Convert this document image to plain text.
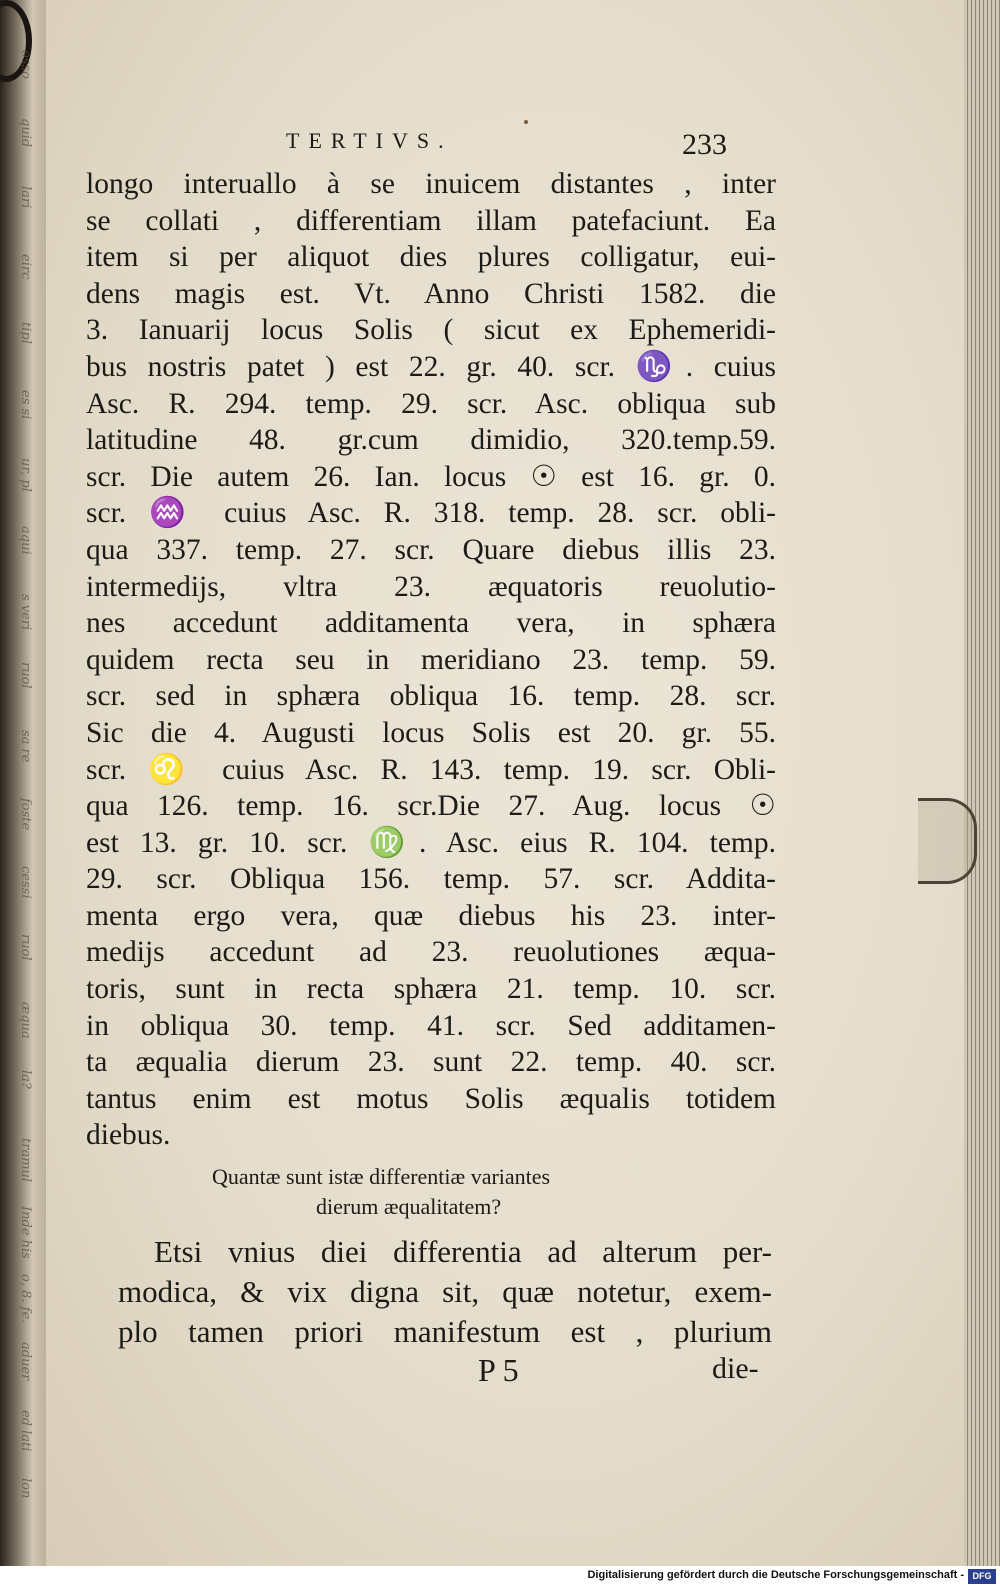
osso
quid
lari
eirc
tipl
es si
ur, pl
aqui
s veri
ruol
sa re
foste
cessi
ruol
æqua
la?
tramul
Inde his
o, 8. fe.
aduer
ed lati
lon
TERTIVS.	233
longo interuallo à se inuicem distantes , inter
se collati , differentiam illam patefaciunt. Ea
item si per aliquot dies plures colligatur, eui-
dens magis est. Vt. Anno Christi 1582. die
3. Ianuarij locus Solis ( sicut ex Ephemeridi-
bus nostris patet ) est 22. gr. 40. scr. ♑. cuius
Asc. R. 294. temp. 29. scr. Asc. obliqua sub
latitudine 48. gr.cum dimidio, 320.temp.59.
scr. Die autem 26. Ian. locus ☉ est 16. gr. 0.
scr. ♒ cuius Asc. R. 318. temp. 28. scr. obli-
qua 337. temp. 27. scr. Quare diebus illis 23.
intermedijs, vltra 23. æquatoris reuolutio-
nes accedunt additamenta vera, in sphæra
quidem recta seu in meridiano 23. temp. 59.
scr. sed in sphæra obliqua 16. temp. 28. scr.
Sic die 4. Augusti locus Solis est 20. gr. 55.
scr. ♌ cuius Asc. R. 143. temp. 19. scr. Obli-
qua 126. temp. 16. scr.Die 27. Aug. locus ☉
est 13. gr. 10. scr. ♍. Asc. eius R. 104. temp.
29. scr. Obliqua 156. temp. 57. scr. Addita-
menta ergo vera, quæ diebus his 23. inter-
medijs accedunt ad 23. reuolutiones æqua-
toris, sunt in recta sphæra 21. temp. 10. scr.
in obliqua 30. temp. 41. scr. Sed additamen-
ta æqualia dierum 23. sunt 22. temp. 40. scr.
tantus enim est motus Solis æqualis totidem
diebus.
Quantæ sunt istæ differentiæ variantes
dierum æqualitatem?
Etsi vnius diei differentia ad alterum per-
modica, & vix digna sit, quæ notetur, exem-
plo tamen priori manifestum est , plurium
P 5	die-
Digitalisierung gefördert durch die Deutsche Forschungsgemeinschaft - DFG
